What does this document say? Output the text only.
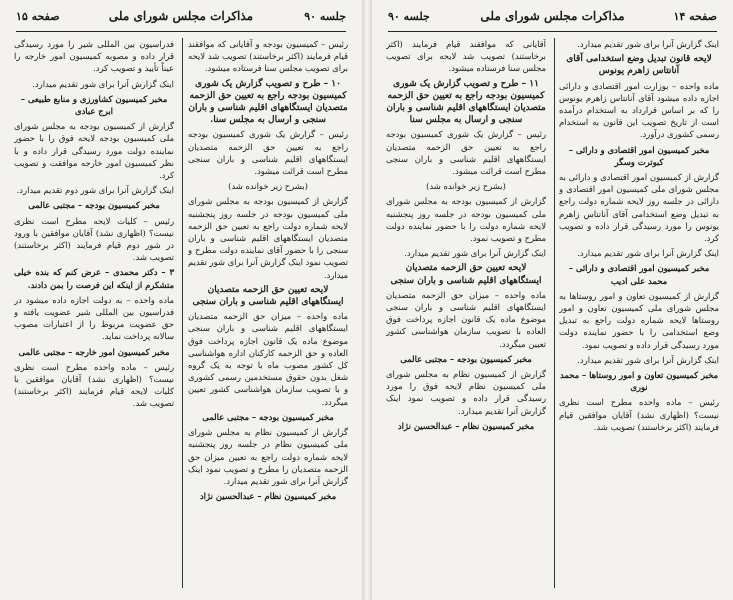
صفحه ۱۵	مذاکرات مجلس شورای ملی	جلسه ۹۰

رئیس – کمیسیون بودجه و آقایانی که موافقند قیام فرمایند (اکثر برخاستند) تصویب شد لایحه برای تصویب مجلس سنا فرستاده میشود.

۱۰ – طرح و تصویب گزارش یک شوری کمیسیون بودجه راجع به تعیین حق الزحمه متصدیان ایستگاههای اقلیم شناسی و باران سنجی و ارسال به مجلس سنا.

رئیس – گزارش یک شوری کمیسیون بودجه راجع به تعیین حق الزحمه متصدیان ایستگاههای اقلیم شناسی و باران سنجی مطرح است قرائت میشود.

(بشرح زیر خوانده شد)

گزارش از کمیسیون بودجه به مجلس شورای ملی کمیسیون بودجه در جلسه روز پنجشنبه لایحه شماره دولت راجع به تعیین حق الزحمه متصدیان ایستگاههای اقلیم شناسی و باران سنجی را با حضور آقای نماینده دولت مطرح و تصویب نمود اینک گزارش آنرا برای شور تقدیم میدارد.

لایحه تعیین حق الزحمه متصدیان ایستگاههای اقلیم شناسی و باران سنجی

ماده واحده – میزان حق الزحمه متصدیان ایستگاههای اقلیم شناسی و باران سنجی موضوع ماده یک قانون اجازه پرداخت فوق العاده و حق الزحمه کارکنان اداره هواشناسی کل کشور مصوب ماه با توجه به یک گروه شغل بدون حقوق مستخدمین رسمی کشوری و با تصویب سازمان هواشناسی کشور تعیین میگردد.

مخبر کمیسیون بودجه – مجتبی عالمی

گزارش از کمیسیون نظام به مجلس شورای ملی کمیسیون نظام در جلسه روز پنجشنبه لایحه شماره دولت راجع به تعیین میزان حق الزحمه متصدیان را مطرح و تصویب نمود اینک گزارش آنرا برای شور تقدیم میدارد.

مخبر کمیسیون نظام – عبدالحسین نژاد

فدراسیون بین المللی شیر را مورد رسیدگی قرار داده و مصوبه کمیسیون امور خارجه را عیناً تأیید و تصویب کرد.

اینک گزارش آنرا برای شور تقدیم میدارد.

مخبر کمیسیون کشاورزی و منابع طبیعی – ابرج عبادی

گزارش از کمیسیون بودجه به مجلس شورای ملی کمیسیون بودجه لایحه فوق را با حضور نماینده دولت مورد رسیدگی قرار داده و با نظر کمیسیون امور خارجه موافقت و تصویب کرد.

اینک گزارش آنرا برای شور دوم تقدیم میدارد.

مخبر کمیسیون بودجه – مجتبی عالمی

رئیس – کلیات لایحه مطرح است نظری نیست؟ (اظهاری نشد) آقایان موافقین با ورود در شور دوم قیام فرمایند (اکثر برخاستند) تصویب شد.

۳ – دکتر محمدی – عرض کنم که بنده خیلی متشکرم از اینکه این فرصت را بمن دادند.

ماده واحده – به دولت اجازه داده میشود در فدراسیون بین المللی شیر عضویت یافته و حق عضویت مربوط را از اعتبارات مصوب سالانه پرداخت نماید.

مخبر کمیسیون امور خارجه – مجتبی عالمی

رئیس – ماده واحده مطرح است نظری نیست؟ (اظهاری نشد) آقایان موافقین با کلیات لایحه قیام فرمایند (اکثر برخاستند) تصویب شد.

صفحه ۱۴
مذاکرات مجلس شورای ملی
جلسه ۹۰

اینک گزارش آنرا برای شور تقدیم میدارد.

لایحه قانون تبدیل وضع استخدامی آقای آنانتاس زاهرم یونوس

ماده واحده – بوزارت امور اقتصادی و دارائی اجازه داده میشود آقای آنانتاس زاهرم یونوس را که بر اساس قرارداد به استخدام درآمده است از تاریخ تصویب این قانون به استخدام رسمی کشوری درآورد.

مخبر کمیسیون امور اقتصادی و دارائی – کبوترت وسگر

گزارش از کمیسیون امور اقتصادی و دارائی به مجلس شورای ملی کمیسیون امور اقتصادی و دارائی در جلسه روز لایحه شماره دولت راجع به تبدیل وضع استخدامی آقای آنانتاس زاهرم یونوس را مورد رسیدگی قرار داده و تصویب کرد.

اینک گزارش آنرا برای شور تقدیم میدارد.

مخبر کمیسیون امور اقتصادی و دارائی – محمد علی ادیب

گزارش از کمیسیون تعاون و امور روستاها به مجلس شورای ملی کمیسیون تعاون و امور روستاها لایحه شماره دولت راجع به تبدیل وضع استخدامی را با حضور نماینده دولت مورد رسیدگی قرار داده و تصویب نمود.

اینک گزارش آنرا برای شور تقدیم میدارد.

مخبر کمیسیون تعاون و امور روستاها – محمد نوری

رئیس – ماده واحده مطرح است نظری نیست؟ (اظهاری نشد) آقایان موافقین قیام فرمایند (اکثر برخاستند) تصویب شد.

آقایانی که موافقند قیام فرمایند (اکثر برخاستند) تصویب شد لایحه برای تصویب مجلس سنا فرستاده میشود.

۱۱ – طرح و تصویب گزارش یک شوری کمیسیون بودجه راجع به تعیین حق الزحمه متصدیان ایستگاههای اقلیم شناسی و باران سنجی و ارسال به مجلس سنا

رئیس – گزارش یک شوری کمیسیون بودجه راجع به تعیین حق الزحمه متصدیان ایستگاههای اقلیم شناسی و باران سنجی مطرح است قرائت میشود.

(بشرح زیر خوانده شد)

گزارش از کمیسیون بودجه به مجلس شورای ملی کمیسیون بودجه در جلسه روز پنجشنبه لایحه شماره دولت را با حضور نماینده دولت مطرح و تصویب نمود.

اینک گزارش آنرا برای شور تقدیم میدارد.

لایحه تعیین حق الزحمه متصدیان ایستگاههای اقلیم شناسی و باران سنجی

ماده واحده – میزان حق الزحمه متصدیان ایستگاههای اقلیم شناسی و باران سنجی موضوع ماده یک قانون اجازه پرداخت فوق العاده با تصویب سازمان هواشناسی کشور تعیین میگردد.

مخبر کمیسیون بودجه – مجتبی عالمی

گزارش از کمیسیون نظام به مجلس شورای ملی کمیسیون نظام لایحه فوق را مورد رسیدگی قرار داده و تصویب نمود اینک گزارش آنرا تقدیم میدارد.

مخبر کمیسیون نظام – عبدالحسین نژاد
